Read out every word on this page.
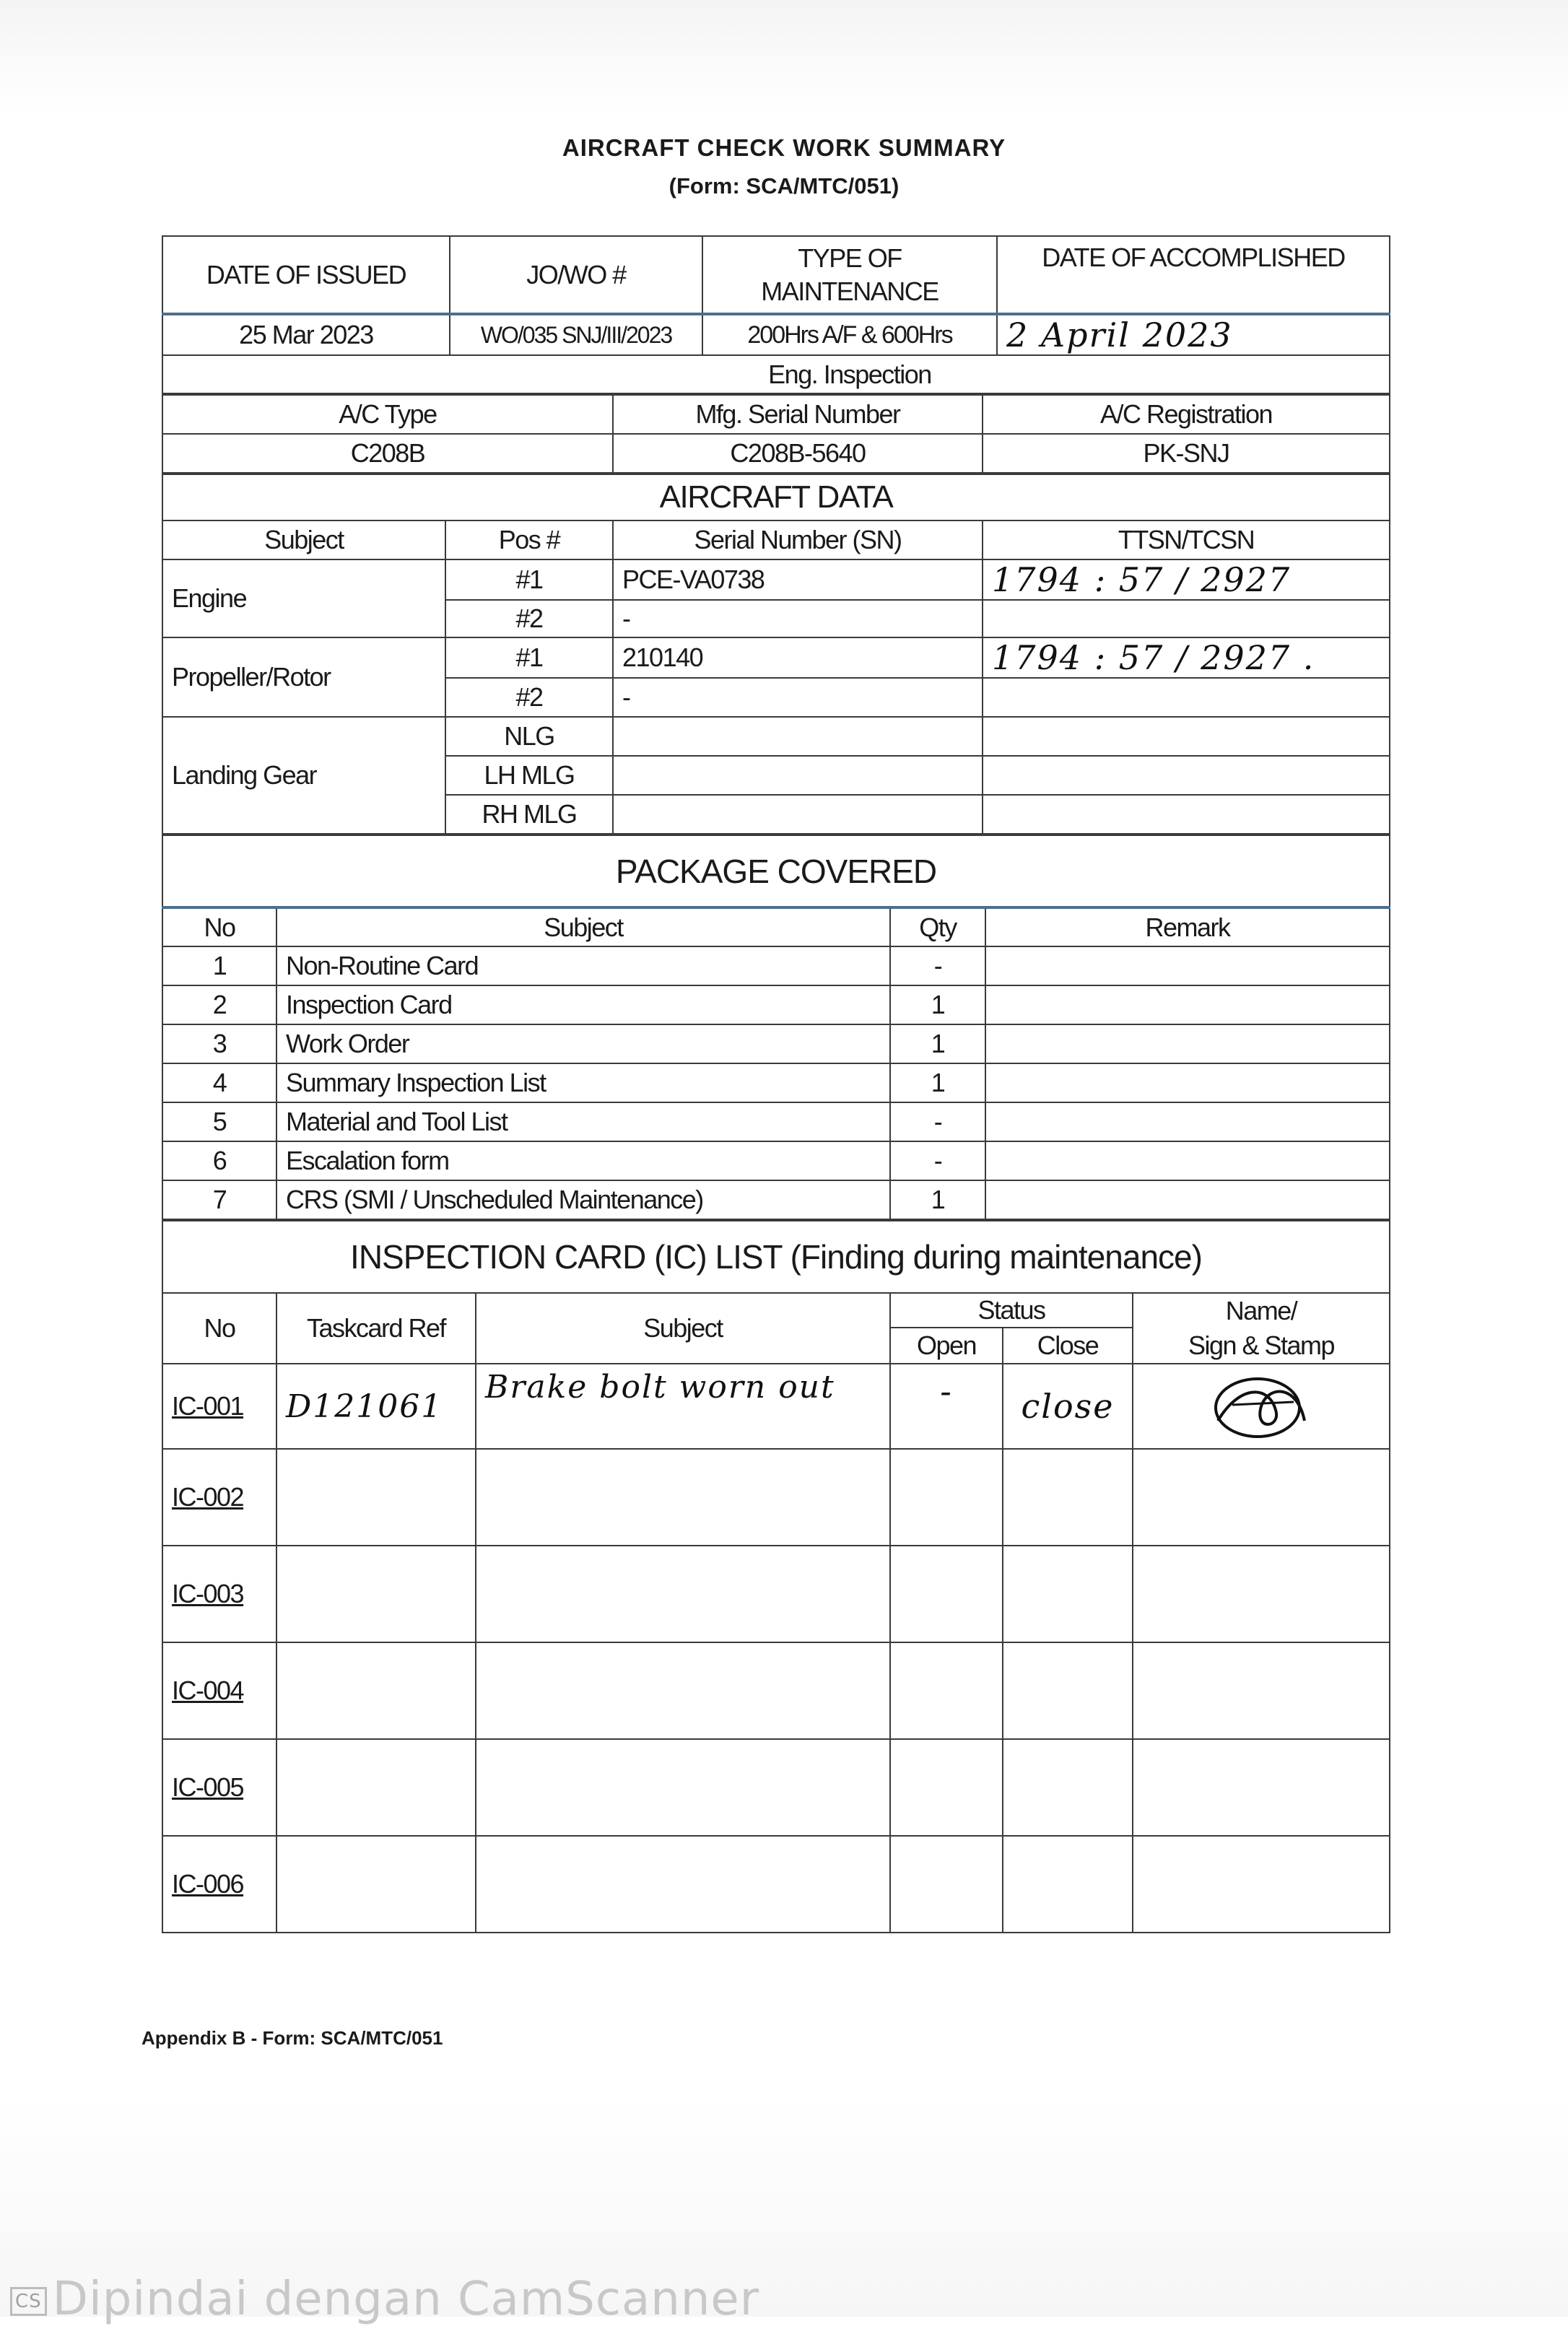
AIRCRAFT CHECK WORK SUMMARY
(Form: SCA/MTC/051)
DATE OF ISSUED	JO/WO #	TYPE OF MAINTENANCE	DATE OF ACCOMPLISHED
25 Mar 2023	WO/035 SNJ/III/2023	200Hrs A/F & 600Hrs	2 April 2023
	Eng. Inspection	
A/C Type	Mfg. Serial Number	A/C Registration
C208B	C208B-5640	PK-SNJ
AIRCRAFT DATA			
Subject	Pos #	Serial Number (SN)	TTSN/TCSN
Engine	#1	PCE-VA0738	1794 : 57 / 2927
	#2	-	
Propeller/Rotor	#1	210140	1794 : 57 / 2927 .
	#2	-	
Landing Gear	NLG		
	LH MLG		
	RH MLG		
PACKAGE COVERED			
No	Subject	Qty	Remark
1	Non-Routine Card	-	
2	Inspection Card	1	
3	Work Order	1	
4	Summary Inspection List	1	
5	Material and Tool List	-	
6	Escalation form	-	
7	CRS (SMI / Unscheduled Maintenance)	1	
INSPECTION CARD (IC) LIST (Finding during maintenance)					
No	Taskcard Ref	Subject	Status		Name/
Sign & Stamp

			Open	Close	
IC-001	D121061	Brake bolt worn out	-	close	
IC-002					
IC-003					
IC-004					
IC-005					
IC-006					
Appendix B - Form: SCA/MTC/051
CS Dipindai dengan CamScanner
